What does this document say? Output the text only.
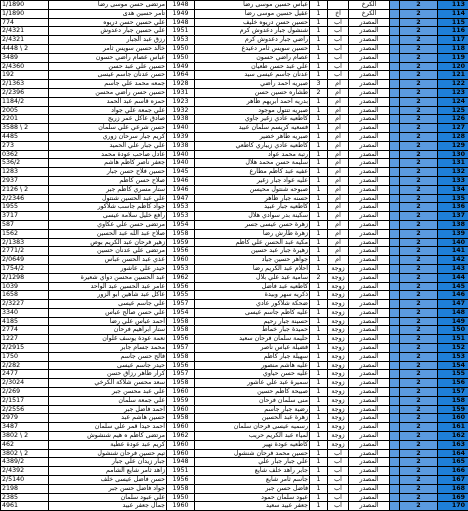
1/1890	مرتضى حسن موسى رضا	1948	عباس حسين موسى رضا	1		الكرخ		2	113
1/1890	تامر حسين هدى	1949	عقيل حسين موسى رضا	1	اخ	الكرخ		2	114
774	علي حسين حسن دريوه	1948	حسين حسن دريوه خليف	1	اب	المصدر		2	115
2/4321	علي حسين جبار دعدوش	1951	شنشول جبار دعدوش كرم	1	اب	المصدر		2	116
2/4321	رزق عبد الجبار	1953	راضي جبار دعدوش كرم	1	اب	المصدر		2	117
4448 \ 2	خالد حسين سويس ثامر	1950	حسين سويس ثامر دعيدع	1	اب	المصدر		2	118
3489	عباس عصام راضي حسون	1950	عصام راضي حسون	1	اب	المصدر		2	119
2/4360	حسين علي عبد حسن	1949	علي عبد حسن طعيان	1	اب	المصدر		2	120
192	حسن عدنان جاسم عيسى	1964	عدنان جاسم عيسى سيد	1	اب	المصدر		2	121
2/1363	جمعه محمد علي جاسم	1928	صبريه احمد راضي	3	ام	المصدر		2	122
2/2396	حسين حسن راضي محسن	1931	طشاره حسين حسن	2	ام	المصدر		2	123
1184/2	حمزه قاسم عبد الحمد	1923	بدريه احمد ابريهم ظاهر	1	ام	المصدر		2	124
2005	علي جمعة علي جواد	1932	صبريه تنتول موجود	1	ام	المصدر		2	125
2201	صادق عاكل عمر زريج	1938	كاطعيه عادي زغير جاوي	1	ام	المصدر		2	126
3588 \ 2	حسن شرعي علي سلمان	1940	فسعيه كريسم سلمان عبيد	1	ام	المصدر		2	127
4485	كريم جبار سرحان زوري	1939	صبريه طاهر خضير	1	ام	المصدر		2	128
273	علي جبار علي الحميد	1938	كاطعيه عادي زيباري كاطعي	1	ام	المصدر		2	129
0362	عادل صاحب عودة محمد	1940	رتبة محمد عواد	1	ام	المصدر		2	130
536/2	جعفر ناصر كاظم هاشم	1940	سليمة حسن محمد هلال	1	ام	المصدر		2	131
1283	حسين فلاح حسن جبار	1945	عفيه عبد كاظم مطارع	1	ام	المصدر		2	132
2937	صلاح حسن كاظم	1946	عليه عواد جبار زغير	1	ام	المصدر		2	133
2126 \ 2	ستار مسري كاظم جبر	1946	صبوحه شنتول محيسن	1	ام	المصدر		2	134
2/2346	علي عبد الحسين شنتول	1947	حسنه جبار ظاهر	1	ام	المصدر		2	135
1955	جواد كاظم جاسب شلاكور	1953	كاطعيه جبار عبيد	1	ام	المصدر		2	136
3717	رافع خليل سلامة عيسى	1953	سكينة بدر سوادي هلال	1	ام	المصدر		2	137
587	مرتضى حسن علي عكاوي	1954	زهرة حسن عيسى جسر	1	ام	المصدر		2	138
1562	صلاح عبد الله عبد الحسين	1958	زهرة طارش رضا	1	ام	المصدر		2	139
2/1383	زهير فرحان عبد الكريم بوص	1959	مكية عبد الحسن علي كاظم	1	ام	المصدر		2	140
2771/2	مرتضى علي عدنان حسين	1956	زهيرة جبار عبد حسين	1	ام	المصدر		2	141
2/0649	عذي عبد الحسن عباس	1960	جواهر حسين جياد	1	ام	المصدر		2	142
1754/2	حيدر علي عاشور	1953	احلام عبد الكريم رضا	1	زوجة	المصدر		2	143
2/1298	عبد الحسين محسن دواي شعيرة	1962	سامية عبد علي بلال	2	زوجة	المصدر		2	144
1039	عامر عبد الحسين عبد الواحد	1956	كاطعيه عبد فاضل	1	زوجة	المصدر		2	145
1658	عاكل عبد شاهين ابو الزور	1955	ذكريه سهر وبيدة	1	زوجة	المصدر		2	146
2/3227	علي جاسم عيسى	1957	ضحكة شلاكور عادي	1	زوجة	المصدر		2	147
3340	علي حسن صالح عباس	1954	عليه كاظم جاسم عيسى	1	زوجة	المصدر		2	148
4185	احمد عباس علي رضا	1958	حسينة جبار رحيم	1	زوجة	المصدر		2	149
2774	ستار ابراهيم فرحان	1958	حميدة جبار خماط	1	زوجة	المصدر		2	150
1227	نعمة عودة يوسف غلوان	1956	حليمة سلمان فرحان سعيد	1	زوجة	المصدر		2	151
2/2915	محمد جسام جابر	1957	فضيلة عباس ناصر	1	زوجة	المصدر		2	152
1750	فالح حسن جاسم	1958	سهيلة جبار كاظم	1	زوجة	المصدر		2	153
2/282	حيدر جاسم عيسى	1956	عليه هاشم منصور	1	زوجة	المصدر		2	154
2477	كرار ظاهر رزاق حسن	1957	عليه حسن حياوي	1	زوجة	المصدر		2	155
2/3024	سعد محسن شلاكة الكرخي	1958	سميرة عبد علي عاشور	1	زوجة	المصدر		2	156
2/269	علي عبد محسن جبر	1960	صبيحة كاظم حسين	1	زوجة	المصدر		2	157
2/1517	علي جمعة سلمان	1959	منى سلمان فرحان	1	زوجة	المصدر		2	158
2/2556	احمد فاضل جبر	1960	رضية جبار جاسم	1	زوجة	المصدر		2	159
2979	حسين هاشم عبد	1958	زهرة عبد الحسين	1	زوجة	المصدر		2	160
3487	احمد حيدا قمر علي سلمان	1960	رسميه عيسى فرحان سلمان	1	زوجة	المصدر		2	161
3802 \ 2	مرتضى كاظم ه هيم شنشوش	1962	لمياء عبد الكريم حريب	1	زوجة	المصدر		2	162
462	كريم عبد عودة عطية	1960	كاطعيه عودة نهير	1	زوجة	المصدر		2	163
3802 \ 2	تيم حسين فرحان شنشول	1960	حسين محمد فرحان شنشول	1	اب	المصدر		2	164
4389/2	جبار زيدان علي جبار	1948	علي جبار جبار علي	1	اب	المصدر		2	165
2/4392	زاهد ثامر شايع الشامم	1951	جابر راهد خلف شايع	1	اب	المصدر		2	166
2/5140	حسن فاضل عيسى خلف	1956	جاسم ثامر شايع	1	اب	المصدر		2	167
2198	جواد فاضل حسن جبر	1958	فاضل حسن جبر	1	اب	المصدر		2	168
2385	علي عبود سلمان	1950	عبود سلمان حمود	1	اب	المصدر		2	169
4961	جمال جعفر عبيد	1960	جعفر عبيد سعيد	1	اب	المصدر		2	170
